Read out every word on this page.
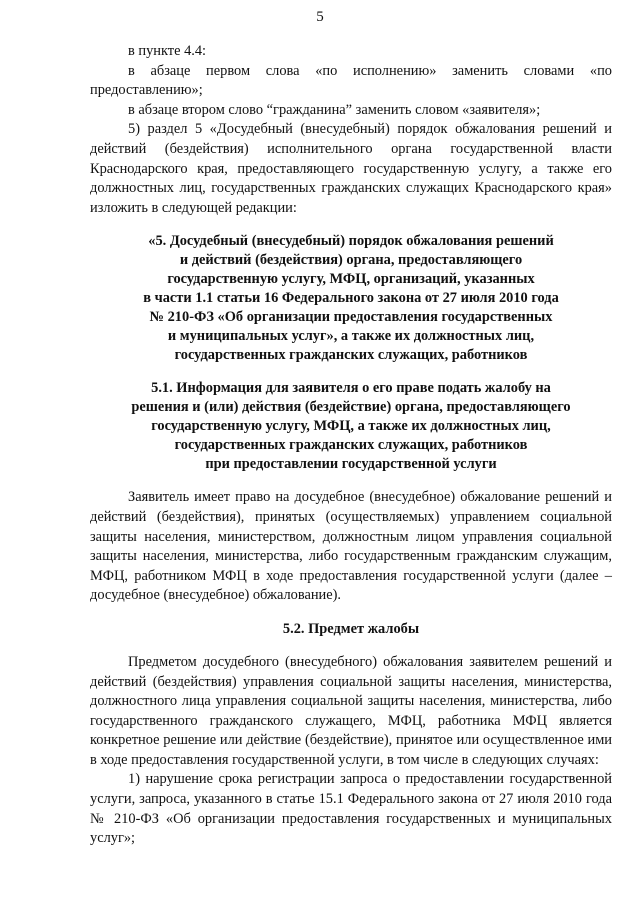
5

в пункте 4.4:

в абзаце первом слова «по исполнению» заменить словами «по предоставлению»;

в абзаце втором слово “гражданина” заменить словом «заявителя»;

5) раздел 5 «Досудебный (внесудебный) порядок обжалования решений и действий (бездействия) исполнительного органа государственной власти Краснодарского края, предоставляющего государственную услугу, а также его должностных лиц, государственных гражданских служащих Краснодарского края» изложить в следующей редакции:

«5. Досудебный (внесудебный) порядок обжалования решений
и действий (бездействия) органа, предоставляющего
государственную услугу, МФЦ, организаций, указанных
в части 1.1 статьи 16 Федерального закона от 27 июля 2010 года
№ 210-ФЗ «Об организации предоставления государственных
и муниципальных услуг», а также их должностных лиц,
государственных гражданских служащих, работников
5.1. Информация для заявителя о его праве подать жалобу на
решения и (или) действия (бездействие) органа, предоставляющего
государственную услугу, МФЦ, а также их должностных лиц,
государственных гражданских служащих, работников
при предоставлении государственной услуги

Заявитель имеет право на досудебное (внесудебное) обжалование решений и действий (бездействия), принятых (осуществляемых) управлением социальной защиты населения, министерством, должностным лицом управления социальной защиты населения, министерства, либо государственным гражданским служащим, МФЦ, работником МФЦ в ходе предоставления государственной услуги (далее – досудебное (внесудебное) обжалование).

5.2. Предмет жалобы

Предметом досудебного (внесудебного) обжалования заявителем решений и действий (бездействия) управления социальной защиты населения, министерства, должностного лица управления социальной защиты населения, министерства, либо государственного гражданского служащего, МФЦ, работника МФЦ является конкретное решение или действие (бездействие), принятое или осуществленное ими в ходе предоставления государственной услуги, в том числе в следующих случаях:

1) нарушение срока регистрации запроса о предоставлении государственной услуги, запроса, указанного в статье 15.1 Федерального закона от 27 июля 2010 года № 210-ФЗ «Об организации предоставления государственных и муниципальных услуг»;
